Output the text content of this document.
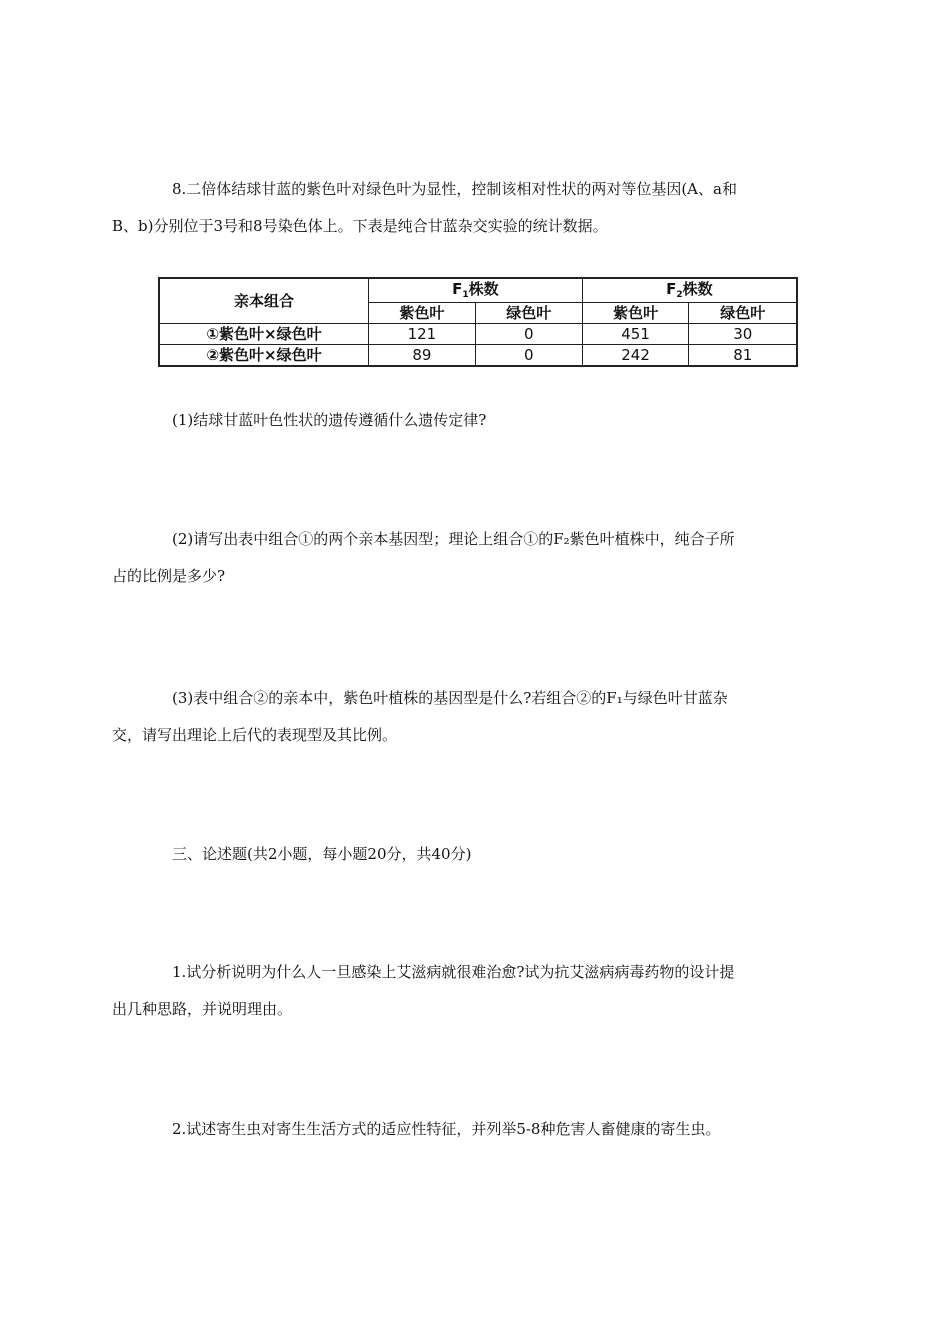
8.二倍体结球甘蓝的紫色叶对绿色叶为显性，控制该相对性状的两对等位基因(A、a和
B、b)分别位于3号和8号染色体上。下表是纯合甘蓝杂交实验的统计数据。

亲本组合	$F_1$株数		$F_2$株数	
	紫色叶	绿色叶	紫色叶	绿色叶
①紫色叶×绿色叶	121	0	451	30
②紫色叶×绿色叶	89	0	242	81

(1)结球甘蓝叶色性状的遗传遵循什么遗传定律?

(2)请写出表中组合①的两个亲本基因型；理论上组合①的F₂紫色叶植株中，纯合子所
占的比例是多少?

(3)表中组合②的亲本中，紫色叶植株的基因型是什么?若组合②的F₁与绿色叶甘蓝杂
交，请写出理论上后代的表现型及其比例。

三、论述题(共2小题，每小题20分，共40分)

1.试分析说明为什么人一旦感染上艾滋病就很难治愈?试为抗艾滋病病毒药物的设计提
出几种思路，并说明理由。

2.试述寄生虫对寄生生活方式的适应性特征，并列举5-8种危害人畜健康的寄生虫。
